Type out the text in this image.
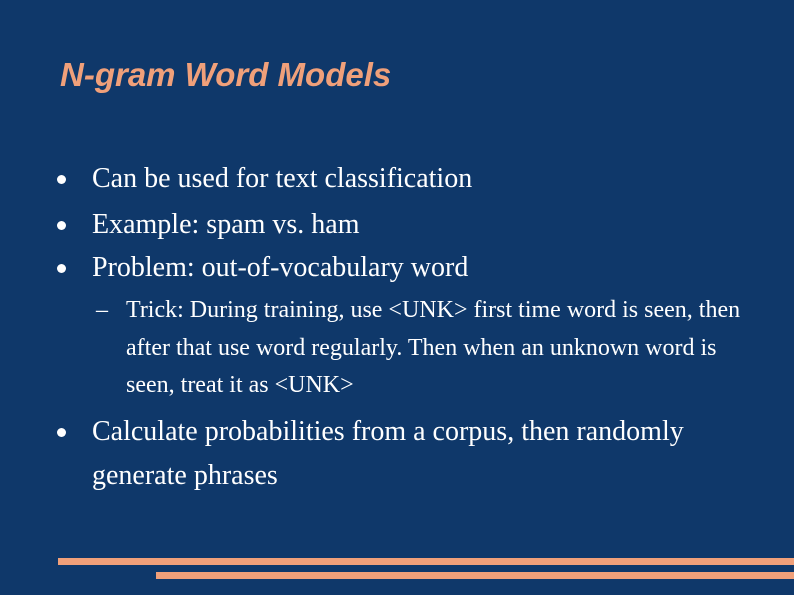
N-gram Word Models
Can be used for text classification
Example: spam vs. ham
Problem: out-of-vocabulary word
– Trick: During training, use <UNK> first time word is seen, then after that use word regularly. Then when an unknown word is seen, treat it as <UNK>
Calculate probabilities from a corpus, then randomly generate phrases
